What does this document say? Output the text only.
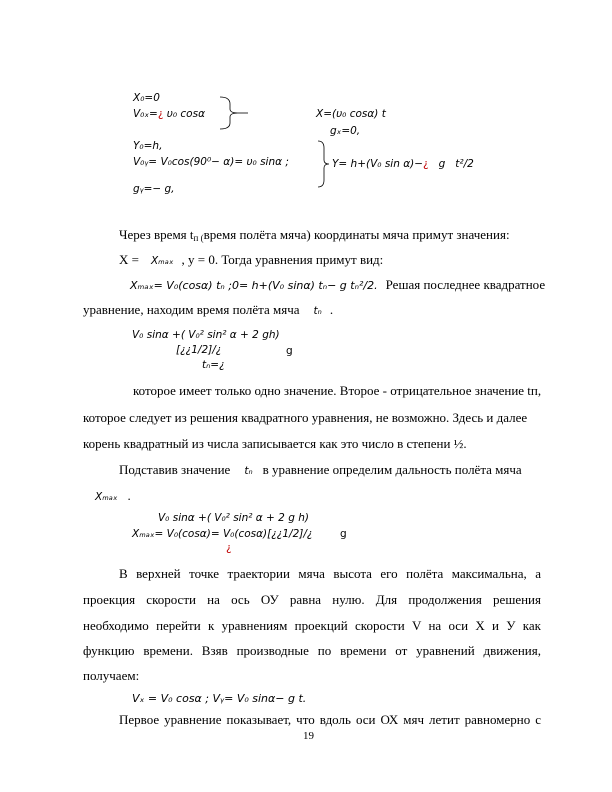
X₀=0
V₀ₓ=¿ υ₀ cosα
Y₀=h,
V₀ᵧ= V₀cos(90⁰− α)= υ₀ sinα ;
gᵧ=− g,
X=(υ₀ cosα) t
gₓ=0,
Y= h+(V₀ sin α)−¿ g t²/2
Через время tп (время полёта мяча) координаты мяча примут значения:
X = Xₘₐₓ , y = 0. Тогда уравнения примут вид:
Xₘₐₓ= V₀(cosα) tₙ ;0= h+(V₀ sinα) tₙ− g tₙ²/2. Решая последнее квадратное
уравнение, находим время полёта мяча tₙ .
V₀ sinα +( V₀² sin² α + 2 gh)
[¿¿1/2]/¿	g
tₙ=¿
которое имеет только одно значение. Второе - отрицательное значение tп,
которое следует из решения квадратного уравнения, не возможно. Здесь и далее
корень квадратный из числа записывается как это число в степени ½.
Подставив значение tₙ в уравнение определим дальность полёта мяча
Xₘₐₓ .
V₀ sinα +( V₀² sin² α + 2 g h)
Xₘₐₓ= V₀(cosα)= V₀(cosα)[¿¿1/2]/¿	g
¿
В верхней точке траектории мяча высота его полёта максимальна, а
проекция скорости на ось ОУ равна нулю. Для продолжения решения
необходимо перейти к уравнениям проекций скорости V на оси Х и У как
функцию времени. Взяв производные по времени от уравнений движения,
получаем:
Vₓ = V₀ cosα ; Vᵧ= V₀ sinα− g t.
Первое уравнение показывает, что вдоль оси ОХ мяч летит равномерно с
19
